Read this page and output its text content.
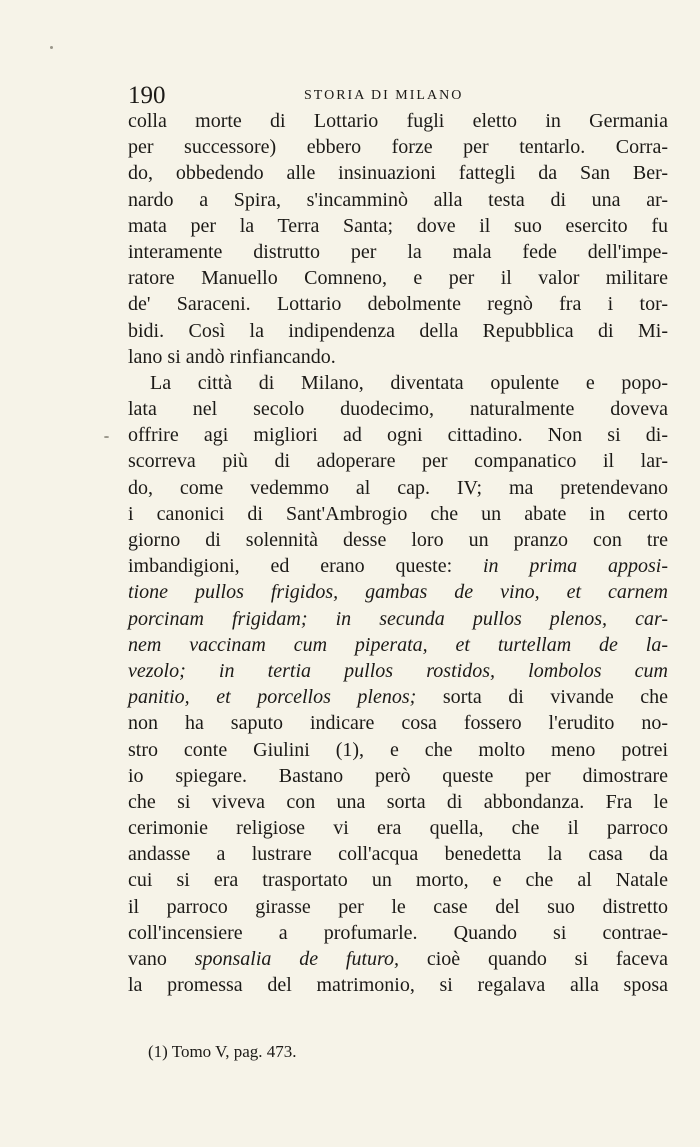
190	STORIA DI MILANO
colla morte di Lottario fugli eletto in Germania
per successore) ebbero forze per tentarlo. Corra-
do, obbedendo alle insinuazioni fattegli da San Ber-
nardo a Spira, s'incamminò alla testa di una ar-
mata per la Terra Santa; dove il suo esercito fu
interamente distrutto per la mala fede dell'impe-
ratore Manuello Comneno, e per il valor militare
de' Saraceni. Lottario debolmente regnò fra i tor-
bidi. Così la indipendenza della Repubblica di Mi-
lano si andò rinfiancando.
La città di Milano, diventata opulente e popo-
lata nel secolo duodecimo, naturalmente doveva
offrire agi migliori ad ogni cittadino. Non si di-
scorreva più di adoperare per companatico il lar-
do, come vedemmo al cap. IV; ma pretendevano
i canonici di Sant'Ambrogio che un abate in certo
giorno di solennità desse loro un pranzo con tre
imbandigioni, ed erano queste: in prima apposi-
tione pullos frigidos, gambas de vino, et carnem
porcinam frigidam; in secunda pullos plenos, car-
nem vaccinam cum piperata, et turtellam de la-
vezolo; in tertia pullos rostidos, lombolos cum
panitio, et porcellos plenos; sorta di vivande che
non ha saputo indicare cosa fossero l'erudito no-
stro conte Giulini (1), e che molto meno potrei
io spiegare. Bastano però queste per dimostrare
che si viveva con una sorta di abbondanza. Fra le
cerimonie religiose vi era quella, che il parroco
andasse a lustrare coll'acqua benedetta la casa da
cui si era trasportato un morto, e che al Natale
il parroco girasse per le case del suo distretto
coll'incensiere a profumarle. Quando si contrae-
vano sponsalia de futuro, cioè quando si faceva
la promessa del matrimonio, si regalava alla sposa
(1) Tomo V, pag. 473.
